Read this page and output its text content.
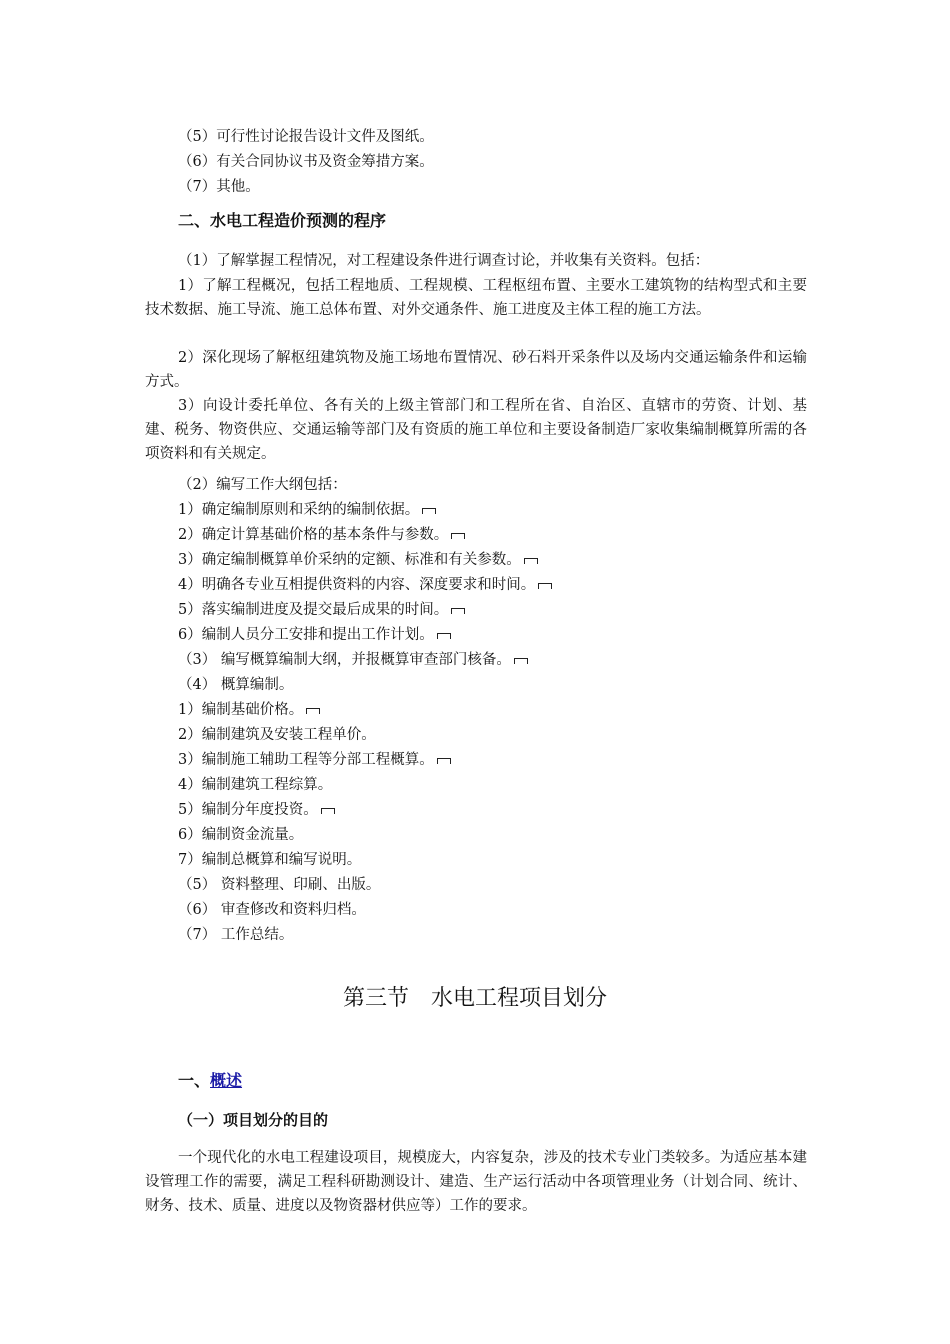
（5）可行性讨论报告设计文件及图纸。
（6）有关合同协议书及资金筹措方案。
（7）其他。
二、水电工程造价预测的程序
（1）了解掌握工程情况，对工程建设条件进行调查讨论，并收集有关资料。包括：
1）了解工程概况，包括工程地质、工程规模、工程枢纽布置、主要水工建筑物的结构型式和主要技术数据、施工导流、施工总体布置、对外交通条件、施工进度及主体工程的施工方法。
2）深化现场了解枢纽建筑物及施工场地布置情况、砂石料开采条件以及场内交通运输条件和运输方式。
3）向设计委托单位、各有关的上级主管部门和工程所在省、自治区、直辖市的劳资、计划、基建、税务、物资供应、交通运输等部门及有资质的施工单位和主要设备制造厂家收集编制概算所需的各项资料和有关规定。
（2）编写工作大纲包括：
1）确定编制原则和采纳的编制依据。
2）确定计算基础价格的基本条件与参数。
3）确定编制概算单价采纳的定额、标准和有关参数。
4）明确各专业互相提供资料的内容、深度要求和时间。
5）落实编制进度及提交最后成果的时间。
6）编制人员分工安排和提出工作计划。
（3） 编写概算编制大纲，并报概算审查部门核备。
（4） 概算编制。
1）编制基础价格。
2）编制建筑及安装工程单价。
3）编制施工辅助工程等分部工程概算。
4）编制建筑工程综算。
5）编制分年度投资。
6）编制资金流量。
7）编制总概算和编写说明。
（5） 资料整理、印刷、出版。
（6） 审查修改和资料归档。
（7） 工作总结。
第三节　水电工程项目划分
一、概述
（一）项目划分的目的
一个现代化的水电工程建设项目，规模庞大，内容复杂，涉及的技术专业门类较多。为适应基本建设管理工作的需要，满足工程科研勘测设计、建造、生产运行活动中各项管理业务（计划合同、统计、财务、技术、质量、进度以及物资器材供应等）工作的要求。
